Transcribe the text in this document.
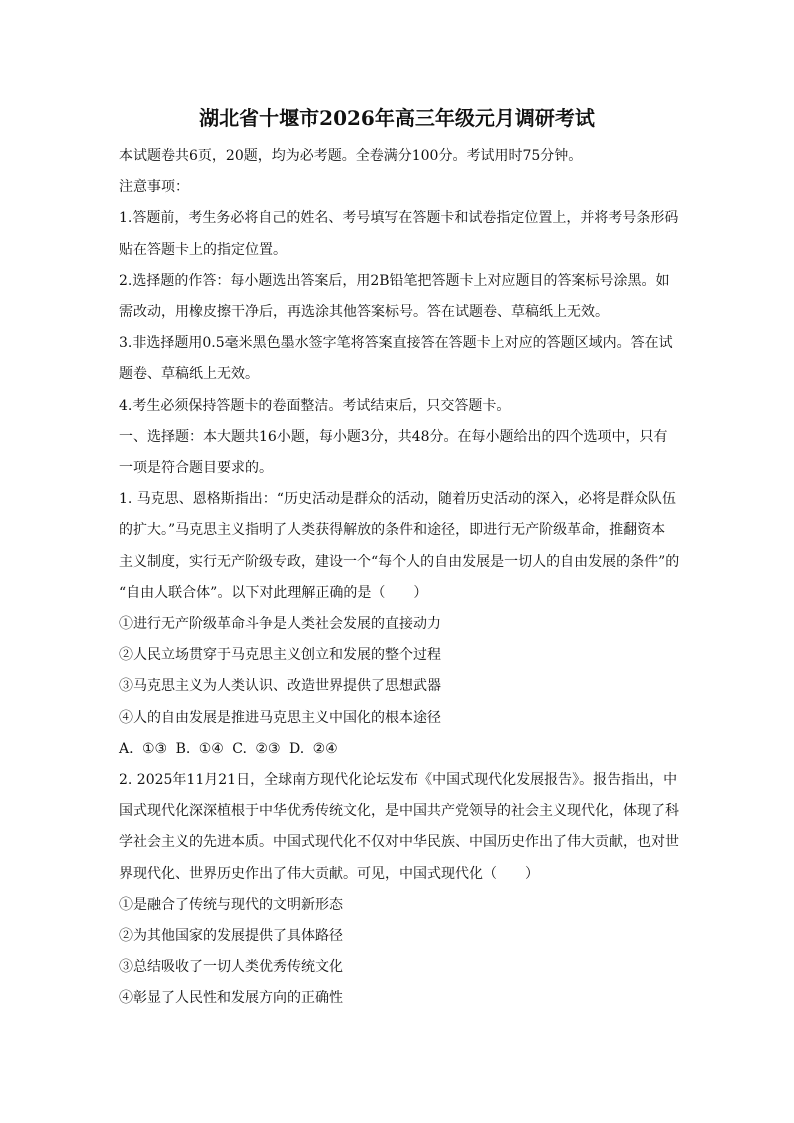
湖北省十堰市2026年高三年级元月调研考试

本试题卷共6页，20题，均为必考题。全卷满分100分。考试用时75分钟。

注意事项：

1.答题前，考生务必将自己的姓名、考号填写在答题卡和试卷指定位置上，并将考号条形码

贴在答题卡上的指定位置。

2.选择题的作答：每小题选出答案后，用2B铅笔把答题卡上对应题目的答案标号涂黑。如

需改动，用橡皮擦干净后，再选涂其他答案标号。答在试题卷、草稿纸上无效。

3.非选择题用0.5毫米黑色墨水签字笔将答案直接答在答题卡上对应的答题区域内。答在试

题卷、草稿纸上无效。

4.考生必须保持答题卡的卷面整洁。考试结束后，只交答题卡。

一、选择题：本大题共16小题，每小题3分，共48分。在每小题给出的四个选项中，只有

一项是符合题目要求的。

1. 马克思、恩格斯指出：“历史活动是群众的活动，随着历史活动的深入，必将是群众队伍

的扩大。”马克思主义指明了人类获得解放的条件和途径，即进行无产阶级革命，推翻资本

主义制度，实行无产阶级专政，建设一个“每个人的自由发展是一切人的自由发展的条件”的

“自由人联合体”。以下对此理解正确的是（　　）

①进行无产阶级革命斗争是人类社会发展的直接动力

②人民立场贯穿于马克思主义创立和发展的整个过程

③马克思主义为人类认识、改造世界提供了思想武器

④人的自由发展是推进马克思主义中国化的根本途径

A. ①③ B. ①④ C. ②③ D. ②④

2. 2025年11月21日，全球南方现代化论坛发布《中国式现代化发展报告》。报告指出，中

国式现代化深深植根于中华优秀传统文化，是中国共产党领导的社会主义现代化，体现了科

学社会主义的先进本质。中国式现代化不仅对中华民族、中国历史作出了伟大贡献，也对世

界现代化、世界历史作出了伟大贡献。可见，中国式现代化（　　）

①是融合了传统与现代的文明新形态

②为其他国家的发展提供了具体路径

③总结吸收了一切人类优秀传统文化

④彰显了人民性和发展方向的正确性
